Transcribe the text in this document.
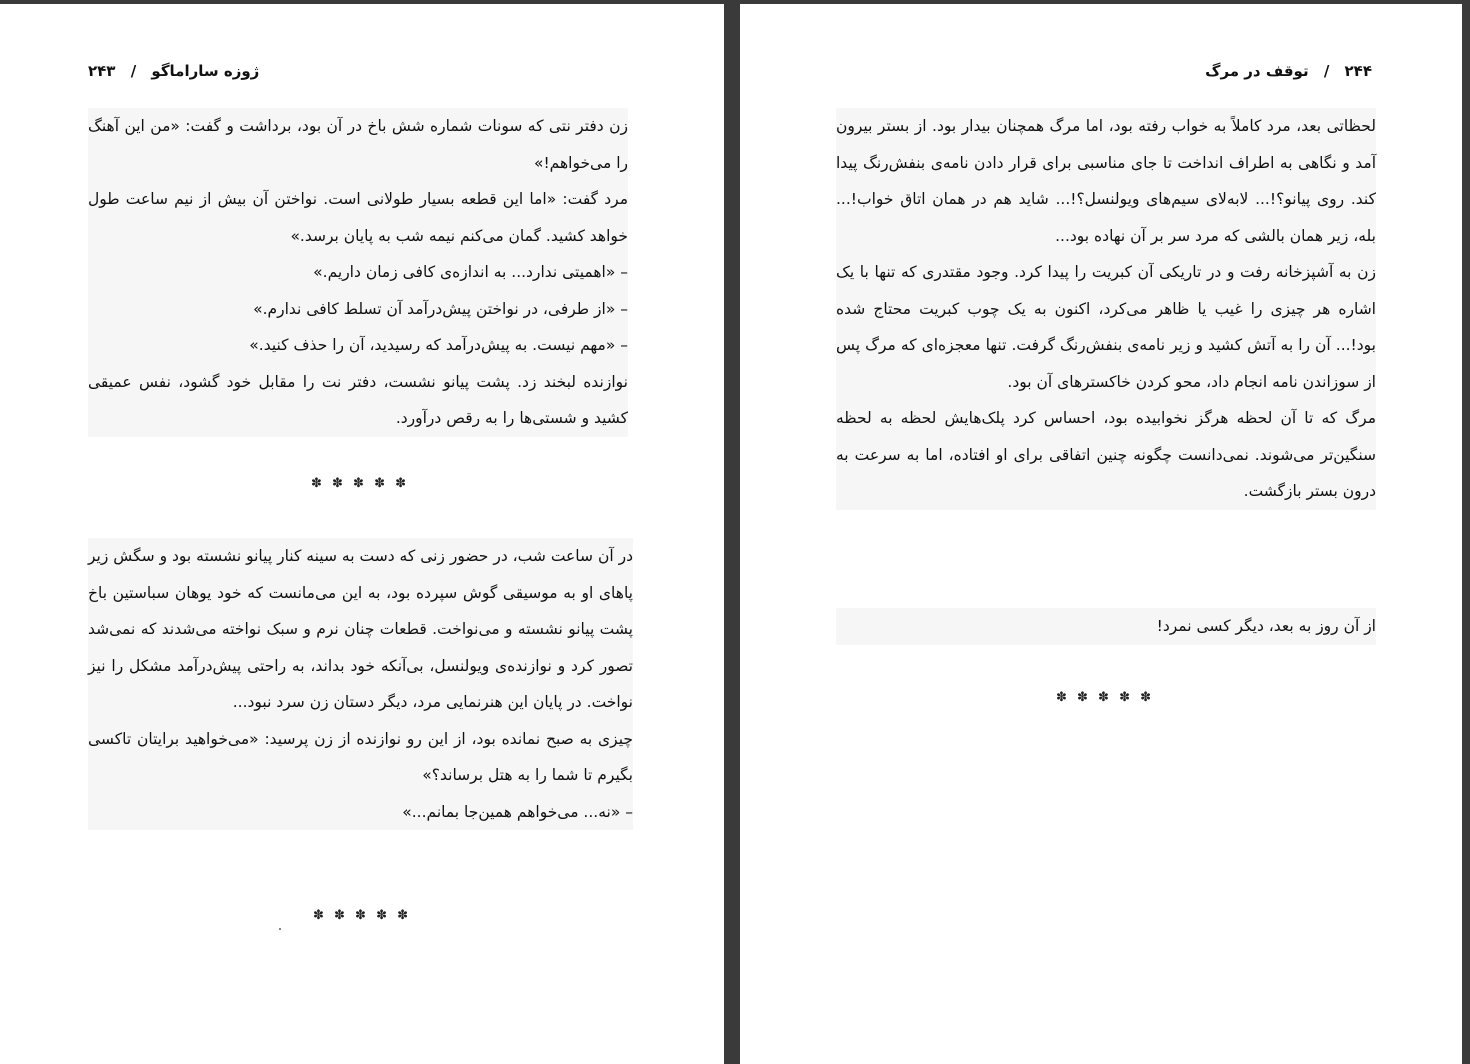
ژوزه ساراماگو / ۲۴۳

زن دفتر نتی که سونات شماره شش باخ در آن بود، برداشت و گفت: «من این آهنگ را می‌خواهم!»

مرد گفت: «اما این قطعه بسیار طولانی است. نواختن آن بیش از نیم ساعت طول خواهد کشید. گمان می‌کنم نیمه شب به پایان برسد.»

– «اهمیتی ندارد... به اندازه‌ی کافی زمان داریم.»

– «از طرفی، در نواختن پیش‌درآمد آن تسلط کافی ندارم.»

– «مهم نیست. به پیش‌درآمد که رسیدید، آن را حذف کنید.»

نوازنده لبخند زد. پشت پیانو نشست، دفتر نت را مقابل خود گشود، نفس عمیقی کشید و شستی‌ها را به رقص درآورد.

✽ ✽ ✽ ✽ ✽

در آن ساعت شب، در حضور زنی که دست به سینه کنار پیانو نشسته بود و سگش زیر پاهای او به موسیقی گوش سپرده بود، به این می‌مانست که خود یوهان سباستین باخ پشت پیانو نشسته و می‌نواخت. قطعات چنان نرم و سبک نواخته می‌شدند که نمی‌شد تصور کرد و نوازنده‌ی ویولنسل، بی‌آنکه خود بداند، به راحتی پیش‌درآمد مشکل را نیز نواخت. در پایان این هنرنمایی مرد، دیگر دستان زن سرد نبود...

چیزی به صبح نمانده بود، از این رو نوازنده از زن پرسید: «می‌خواهید برایتان تاکسی بگیرم تا شما را به هتل برساند؟»

– «نه... می‌خواهم همین‌جا بمانم...»

✽ ✽ ✽ ✽ ✽
۲۴۴ / توقف در مرگ

لحظاتی بعد، مرد کاملاً به خواب رفته بود، اما مرگ همچنان بیدار بود. از بستر بیرون آمد و نگاهی به اطراف انداخت تا جای مناسبی برای قرار دادن نامه‌ی بنفش‌رنگ پیدا کند. روی پیانو؟!... لابه‌لای سیم‌های ویولنسل؟!... شاید هم در همان اتاق خواب!... بله، زیر همان بالشی که مرد سر بر آن نهاده بود...

زن به آشپزخانه رفت و در تاریکی آن کبریت را پیدا کرد. وجود مقتدری که تنها با یک اشاره هر چیزی را غیب یا ظاهر می‌کرد، اکنون به یک چوب کبریت محتاج شده بود!... آن را به آتش کشید و زیر نامه‌ی بنفش‌رنگ گرفت. تنها معجزه‌ای که مرگ پس از سوزاندن نامه انجام داد، محو کردن خاکسترهای آن بود.

مرگ که تا آن لحظه هرگز نخوابیده بود، احساس کرد پلک‌هایش لحظه به لحظه سنگین‌تر می‌شوند. نمی‌دانست چگونه چنین اتفاقی برای او افتاده، اما به سرعت به درون بستر بازگشت.

از آن روز به بعد، دیگر کسی نمرد!

✽ ✽ ✽ ✽ ✽
